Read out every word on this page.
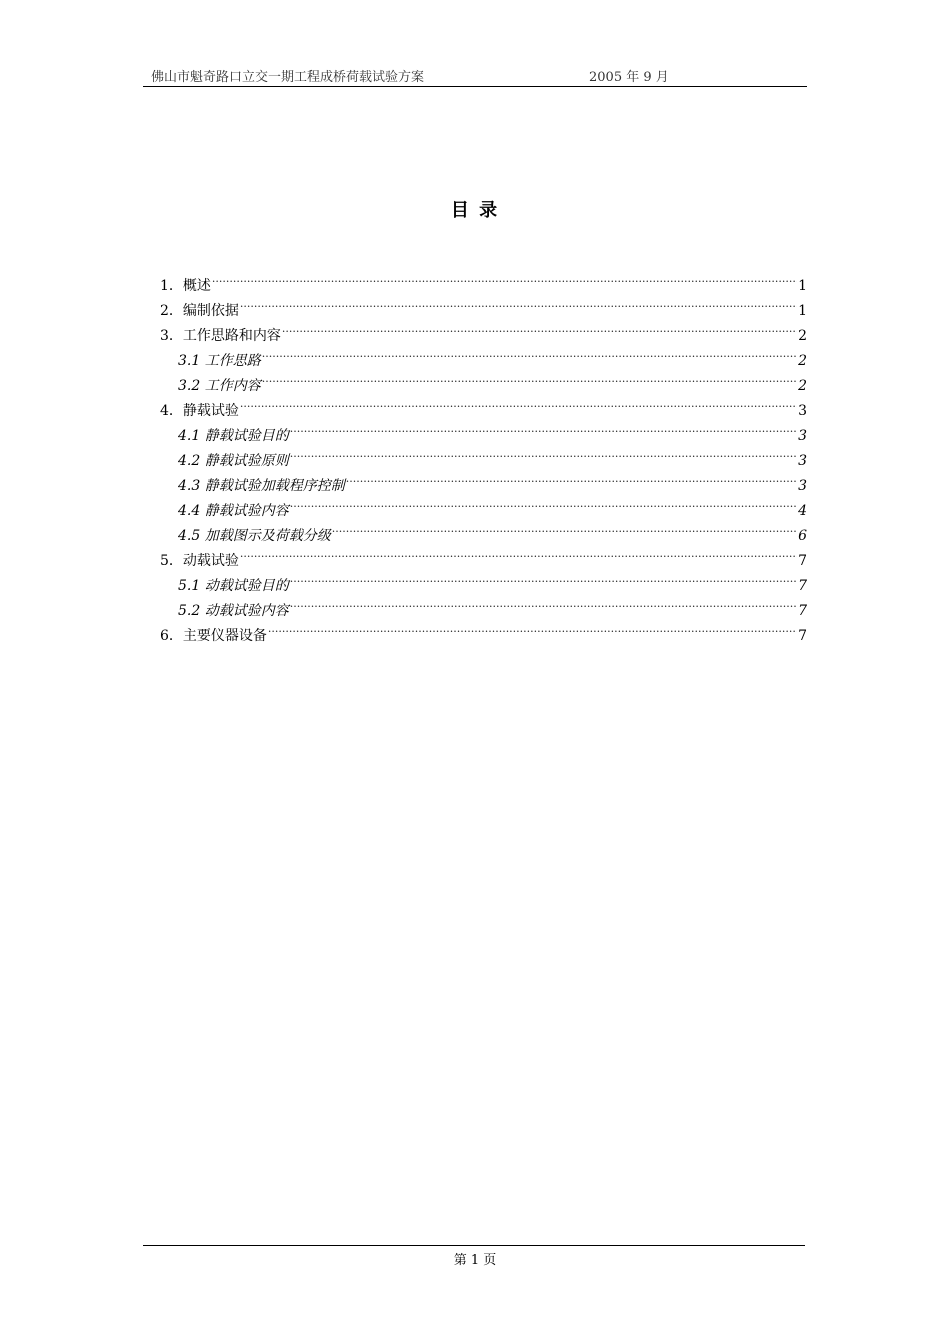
佛山市魁奇路口立交一期工程成桥荷载试验方案	2005 年 9 月
目 录
1．概述 .....	1
2．编制依据 .....	1
3．工作思路和内容 .....	2
3.1 工作思路 .....	2
3.2 工作内容 .....	2
4．静载试验 .....	3
4.1 静载试验目的 .....	3
4.2 静载试验原则 .....	3
4.3 静载试验加载程序控制 .....	3
4.4 静载试验内容 .....	4
4.5 加载图示及荷载分级 .....	6
5．动载试验 .....	7
5.1 动载试验目的 .....	7
5.2 动载试验内容 .....	7
6．主要仪器设备 .....	7
第 1 页
